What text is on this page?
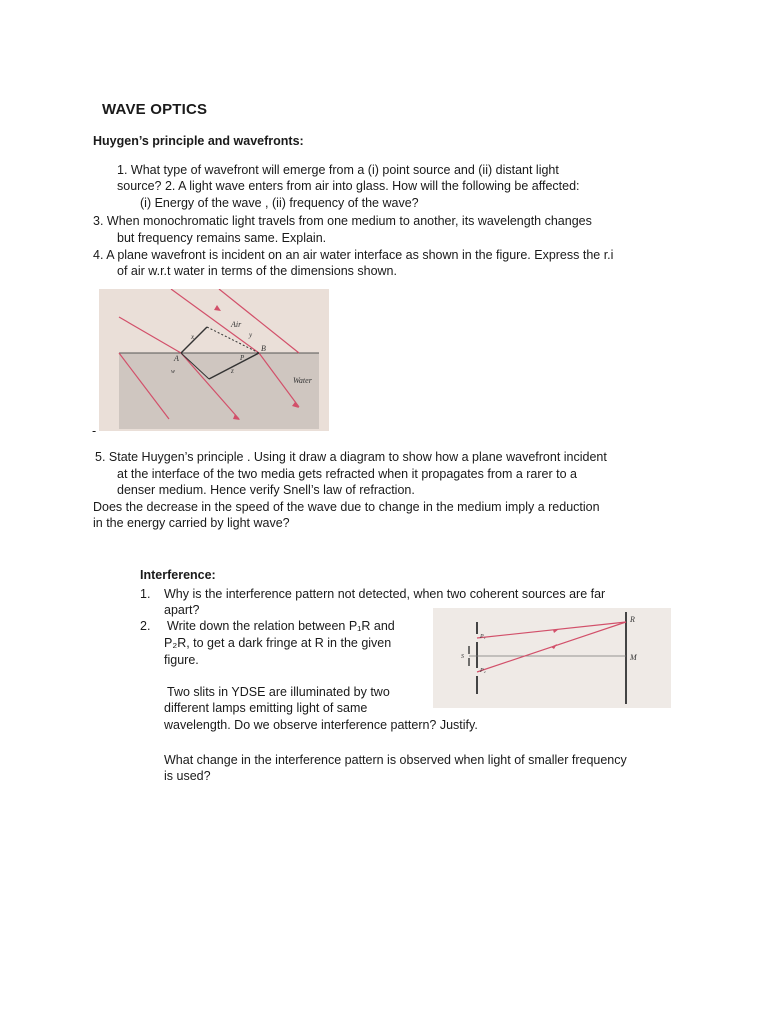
WAVE OPTICS
Huygen’s principle and wavefronts:
1. What type of wavefront will emerge from a (i) point source and (ii) distant light
source? 2. A light wave enters from air into glass. How will the following be affected:
(i) Energy of the wave , (ii) frequency of the wave?
3. When monochromatic light travels from one medium to another, its wavelength changes
but frequency remains same. Explain.
4. A plane wavefront is incident on an air water interface as shown in the figure. Express the r.i
of air w.r.t water in terms of the dimensions shown.
Air
Water
A
B
x	y
z
P
w
-
5. State Huygen’s principle . Using it draw a diagram to show how a plane wavefront incident
at the interface of the two media gets refracted when it propagates from a rarer to a
denser medium. Hence verify Snell’s law of refraction.
Does the decrease in the speed of the wave due to change in the medium imply a reduction
in the energy carried by light wave?
Interference:
1. Why is the interference pattern not detected, when two coherent sources are far
apart?
2. Write down the relation between P₁R and
P₂R, to get a dark fringe at R in the given
figure.
Two slits in YDSE are illuminated by two
different lamps emitting light of same
wavelength. Do we observe interference pattern? Justify.
What change in the interference pattern is observed when light of smaller frequency
is used?
R
M
S
P₁
P₂
